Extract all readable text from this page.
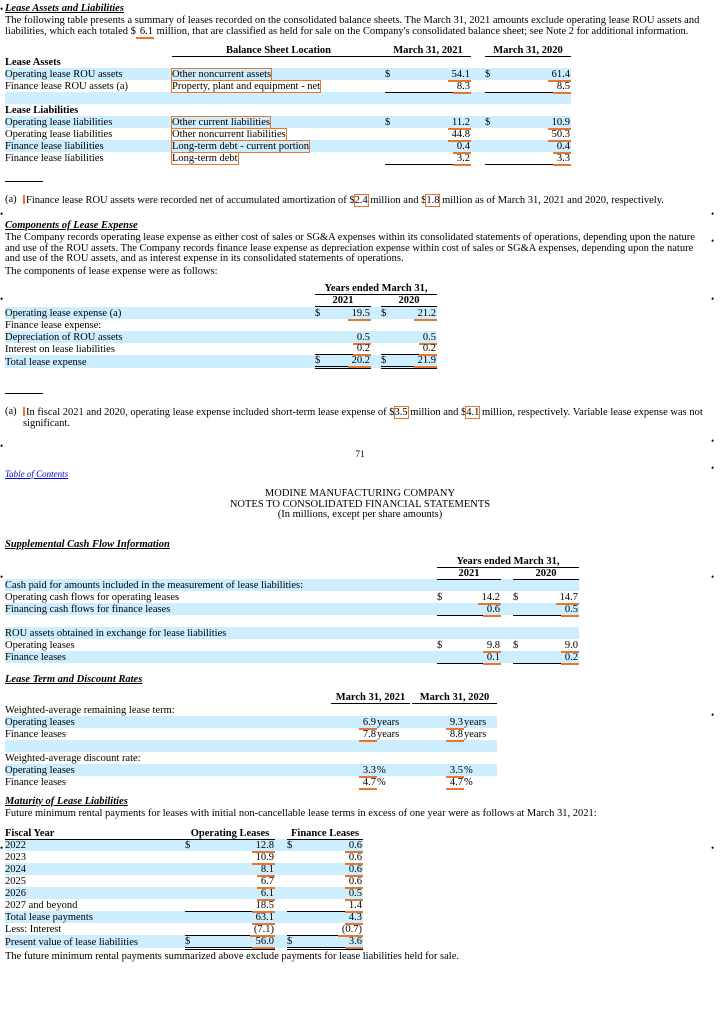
•
•
•
•
•
•
•
•
•
•
•
•
•
•
Lease Assets and Liabilities

The following table presents a summary of leases recorded on the consolidated balance sheets. The March 31, 2021 amounts exclude operating lease ROU assets and liabilities, which each totaled $ 6.1 million, that are classified as held for sale on the Company's consolidated balance sheet; see Note 2 for additional information.

	Balance Sheet Location	March 31, 2021			March 31, 2020	
Lease Assets						
Operating lease ROU assets	Other noncurrent assets	$	54.1		$	61.4
Finance lease ROU assets (a)	Property, plant and equipment - net		8.3			8.5

Lease Liabilities						
Operating lease liabilities	Other current liabilities	$	11.2		$	10.9
Operating lease liabilities	Other noncurrent liabilities		44.8			50.3
Finance lease liabilities	Long-term debt - current portion		0.4			0.4
Finance lease liabilities	Long-term debt		3.2			3.3
(a) Finance lease ROU assets were recorded net of accumulated amortization of $2.4 million and $1.8 million as of March 31, 2021 and 2020, respectively.
Components of Lease Expense

The Company records operating lease expense as either cost of sales or SG&A expenses within its consolidated statements of operations, depending upon the nature and use of the ROU assets. The Company records finance lease expense as depreciation expense within cost of sales or SG&A expenses, depending upon the nature and use of the ROU assets, and as interest expense in its consolidated statements of operations.

The components of lease expense were as follows:

	Years ended March 31,				
	2021			2020	
Operating lease expense (a)	$	19.5		$	21.2
Finance lease expense:					
Depreciation of ROU assets		0.5			0.5
Interest on lease liabilities		0.2			0.2
Total lease expense	$	20.2		$	21.9
(a) In fiscal 2021 and 2020, operating lease expense included short-term lease expense of $3.5 million and $4.1 million, respectively. Variable lease expense was not significant.
71
Table of Contents
MODINE MANUFACTURING COMPANY
NOTES TO CONSOLIDATED FINANCIAL STATEMENTS
(In millions, except per share amounts)
Supplemental Cash Flow Information
	Years ended March 31,				
	2021			2020	
Cash paid for amounts included in the measurement of lease liabilities:					
Operating cash flows for operating leases	$	14.2		$	14.7
Financing cash flows for finance leases		0.6			0.5

ROU assets obtained in exchange for lease liabilities					
Operating leases	$	9.8		$	9.0
Finance leases		0.1			0.2
Lease Term and Discount Rates
	March 31, 2021			March 31, 2020	
Weighted-average remaining lease term:					
Operating leases	6.9	years		9.3	years
Finance leases	7.8	years		8.8	years

Weighted-average discount rate:					
Operating leases	3.3	%		3.5	%
Finance leases	4.7	%		4.7	%
Maturity of Lease Liabilities

Future minimum rental payments for leases with initial non-cancellable lease terms in excess of one year were as follows at March 31, 2021:

Fiscal Year	Operating Leases			Finance Leases	
2022	$	12.8		$	0.6
2023		10.9			0.6
2024		8.1			0.6
2025		6.7			0.6
2026		6.1			0.5
2027 and beyond		18.5			1.4
Total lease payments		63.1			4.3
Less: Interest		(7.1)			(0.7)
Present value of lease liabilities	$	56.0		$	3.6

The future minimum rental payments summarized above exclude payments for lease liabilities held for sale.
